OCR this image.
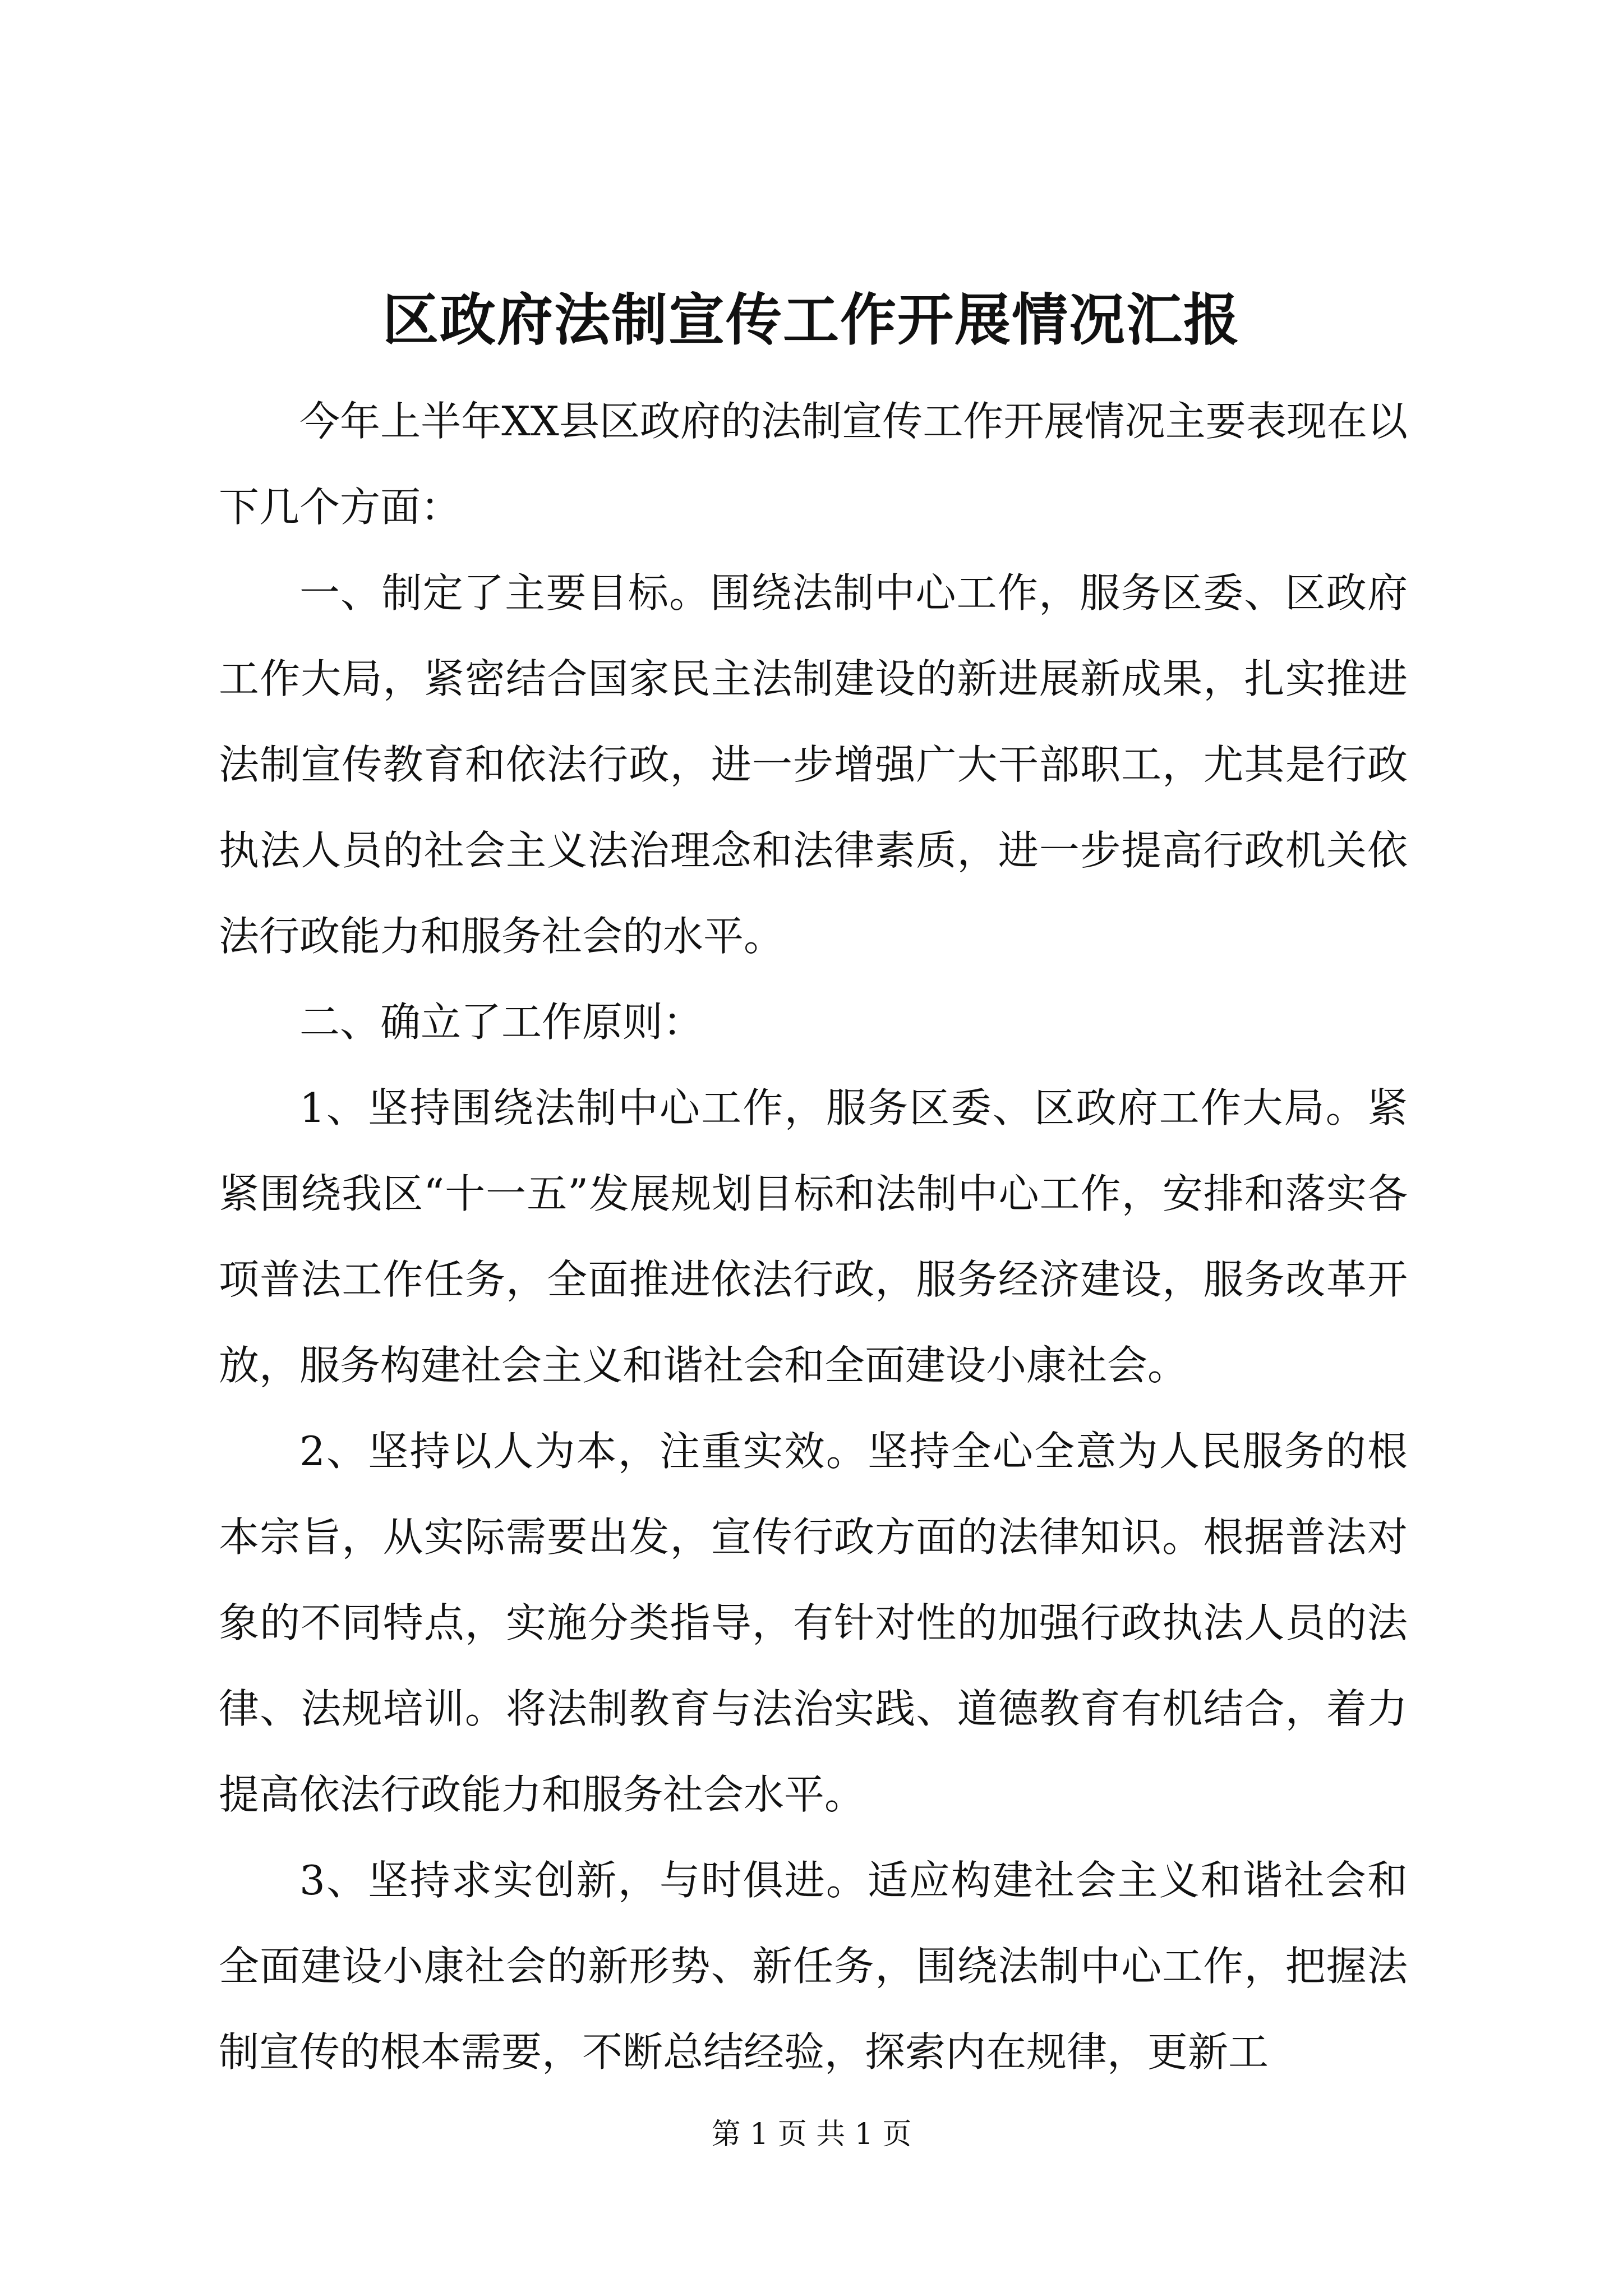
区政府法制宣传工作开展情况汇报

今年上半年XX县区政府的法制宣传工作开展情况主要表现在以下几个方面：

一、制定了主要目标。围绕法制中心工作，服务区委、区政府工作大局，紧密结合国家民主法制建设的新进展新成果，扎实推进法制宣传教育和依法行政，进一步增强广大干部职工，尤其是行政执法人员的社会主义法治理念和法律素质，进一步提高行政机关依法行政能力和服务社会的水平。

二、确立了工作原则：

1、坚持围绕法制中心工作，服务区委、区政府工作大局。紧紧围绕我区“十一五”发展规划目标和法制中心工作，安排和落实各项普法工作任务，全面推进依法行政，服务经济建设，服务改革开放，服务构建社会主义和谐社会和全面建设小康社会。

2、坚持以人为本，注重实效。坚持全心全意为人民服务的根本宗旨，从实际需要出发，宣传行政方面的法律知识。根据普法对象的不同特点，实施分类指导，有针对性的加强行政执法人员的法律、法规培训。将法制教育与法治实践、道德教育有机结合，着力提高依法行政能力和服务社会水平。

3、坚持求实创新，与时俱进。适应构建社会主义和谐社会和全面建设小康社会的新形势、新任务，围绕法制中心工作，把握法制宣传的根本需要，不断总结经验，探索内在规律，更新工

第 1 页 共 1 页
